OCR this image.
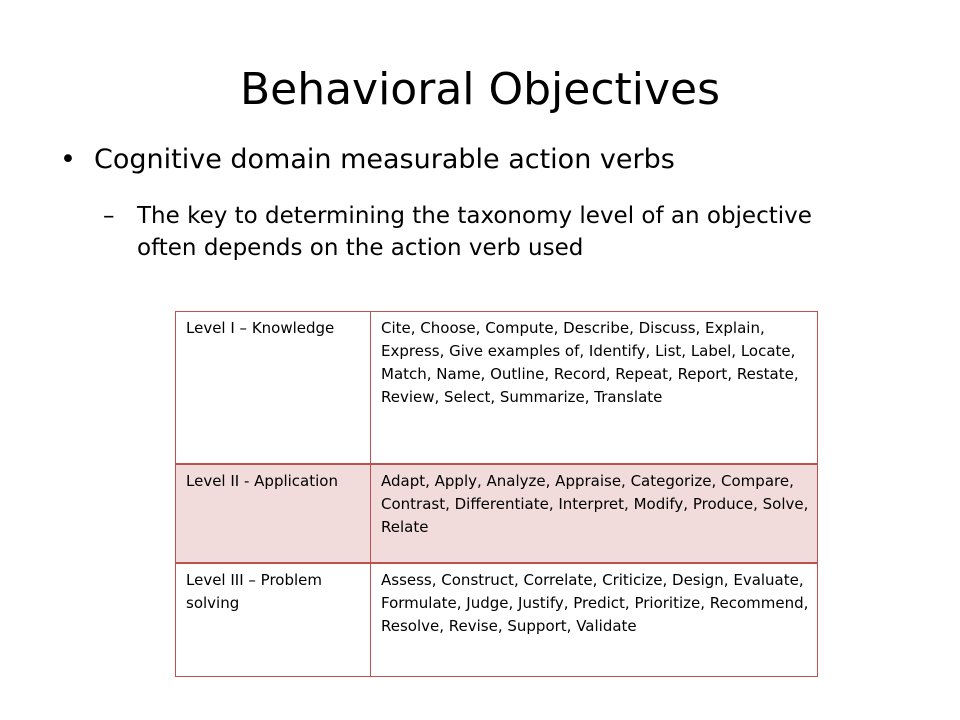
Behavioral Objectives
• Cognitive domain measurable action verbs
– The key to determining the taxonomy level of an objective often depends on the action verb used
Level I – Knowledge	Cite, Choose, Compute, Describe, Discuss, Explain, Express, Give examples of, Identify, List, Label, Locate, Match, Name, Outline, Record, Repeat, Report, Restate, Review, Select, Summarize, Translate
Level II - Application	Adapt, Apply, Analyze, Appraise, Categorize, Compare, Contrast, Differentiate, Interpret, Modify, Produce, Solve, Relate
Level III – Problem solving	Assess, Construct, Correlate, Criticize, Design, Evaluate, Formulate, Judge, Justify, Predict, Prioritize, Recommend, Resolve, Revise, Support, Validate
